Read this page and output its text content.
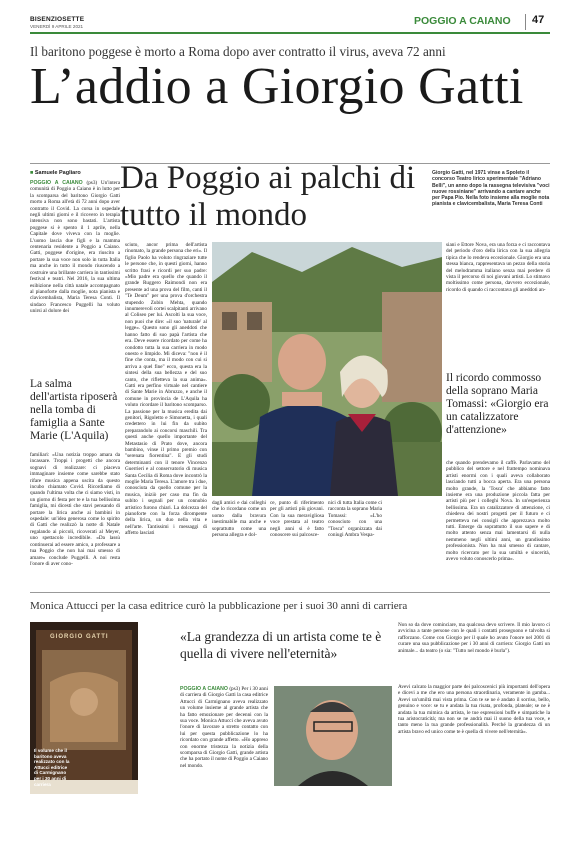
BISENZIOSETTE
VENERDÌ 9 APRILE 2021	POGGIO A CAIANO 47
Il baritono poggese è morto a Roma dopo aver contratto il virus, aveva 72 anni
L’addio a Giorgio Gatti
■ Samuele Pagliaro Da Poggio ai palchi di tutto il mondo
Giorgio Gatti, nel 1971 vinse a Spoleto il concorso Teatro lirico sperimentale "Adriano Belli", un anno dopo la rassegna televisiva "voci nuove rossiniane" arrivando a cantare anche per Papa Pio. Nella foto insieme alla moglie nota pianista e clavicembalista, Maria Teresa Conti
POGGIO A CAIANO (ps3) Un'intera comunità di Poggio a Caiano è in lutto per la scomparsa del baritono Giorgio Gatti morto a Roma all'età di 72 anni dopo aver contratto il Covid. La corsa in ospedale negli ultimi giorni e il ricovero in terapia intensiva non sono bastati. L'artista poggese si è spento il 1 aprile, nella Capitale dove viveva con la moglie. L'uomo lascia due figli e la mamma centenaria residente a Poggio a Caiano. Gatti, poggese d'origine, era riuscito a portare la sua voce non solo in tutta Italia ma anche in tutto il mondo riuscendo a costruire una brillante carriera in tantissimi festival e teatri. Nel 2016, la sua ultima esibizione nella città natale accompagnato al pianoforte dalla moglie, nota pianista e clavicembalista, Maria Teresa Conti. Il sindaco Francesco Puggelli ha voluto unirsi al dolore dei
La salma dell'artista riposerà nella tomba di famiglia a Sante Marie (L'Aquila)
familiari: «Una notizia troppo amara da incassare. Troppi i progetti che ancora sognavi di realizzare: ci piaceva immaginare insieme come sarebbe stato rifare musica appena uscita da questo incubo chiamato Covid. Ricordiamo di quando l'ultima volta che ci siamo visti, in un giorno di festa per te e la tua bellissima famiglia, mi dicesti che stavi pensando di portare la lirica anche ai bambini in ospedale: un'idea generosa come lo spirito di Gatti che realizzò la notte di Natale regalando ai piccoli, ricoverati al Meyer, uno spettacolo incredibile. «Da lassù continuerai ad essere amico, a professare a tua Poggio che non hai mai smesso di amare» conclude Puggelli. A noi resta l'onore di aver cono-
sciuto, ancor prima dell'artista rinomato, la grande persona che eri». Il figlio Paolo ha voluto ringraziare tutte le persone che, in questi giorni, hanno scritto frasi e ricordi per suo padre: «Mio padre era quello che quando il grande Ruggero Raimondi non era presente ad una prova del film, canti il "Te Deum" per una prova d'orchestra stupendo Zubin Mehta, quando innumerevoli cortei scalpitanti arrivano al Coliseo per lui. Ascolti la sua voce, non puoi che dire: «il suo 'naturale' al legge». Questo sono gli aneddoti che hanno fatto di suo papà l'artista che era. Deve essere ricordato per come ha condotto tutta la sua carriera in modo onesto e limpido. Mi diceva: "non è il fine che conta, ma il modo con cui si arriva a quel fine" ecco, questa era la sintesi della sua bellezza e del suo canto, che rifletteva la sua anima». Gatti era perfino virtuale nel cantiere di Sante Marie in Abruzzo, e anche il comune in provincia de L'Aquila ha voluto ricordare il baritono scomparso. La passione per la musica eredita dai genitori, Rigoletto e Simonetta, i quali credettero in lui fin da subito preparandolo ai concorsi maschili. Tra questi anche quello importante del Metastasio di Prato dove, ancora bambino, vinse il primo premio con "serenata fiorentina". E gli studi determinanti con il tenore Vincenzo Guerrieri e al conservatorio di musica Santa Cecilia di Roma dove incontrò la moglie Maria Teresa. L'amore tra i due, conosciuta da quello comune per la musica, iniziò per caso ma fin da subito i segnali per un connubio artistico furono chiari. La dolcezza del pianoforte con la forza dirompente della lirica, un duo nella vita e nell'arte. Tantissimi i messaggi di affetto lasciati
dagli amici e dai colleghi che lo ricordano come un uomo dalla bravura inestimabile ma anche e soprattutto come una persona allegra e dol-
ce, punto di riferimento per gli artisti più giovani. Con la sua meravigliosa voce prestata al teatro negli anni si è fatto conoscere sui palcosce-
nici di tutta Italia come ci racconta la soprano Maria Tomassi: «L'ho conosciuto con una "Tosca" organizzata dai coniugi Ambra Vespa-
siani e Ettore Nova, era una forza e ci raccontava del periodo d'oro della lirica con la sua allegria tipica che lo rendeva eccezionale. Giorgio era una stessa bianca, rappresentava un pezzo della storia del melodramma italiano senza mai perdere di vista il percorso di noi giovani artisti. Lo stimavo moltissimo come persona, davvero eccezionale, ricordo di quando ci raccontava gli aneddoti an-
Il ricordo commosso della soprano Maria Tomassi: «Giorgio era un catalizzatore d'attenzione»
che quando prendevamo il caffè. Parlavamo del pubblico del settore e nel frattempo nominava artisti enormi con i quali aveva collaborato lasciando tutti a bocca aperta. Era una persona molto grande, la 'Tosca' che abbiamo fatto insieme era una produzione piccola fatta per artisti più per i colleghi Nova. In un'esperienza bellissima. Era un catalizzatore di attenzione, ci chiedeva dei nostri progetti per il futuro e ci permetteva nei consigli che apprezzava molto tutti. Emerge da soprattutto il suo sapere e di molto attento senza mai lamentarsi di nulla nemmeno negli ultimi anni, un grandissimo professionista. Non ha mai smesso di cantare, molto ricercato per la sua umiltà e sincerità, avevo voluto conoscerlo prima».
Monica Attucci per la casa editrice curò la pubblicazione per i suoi 30 anni di carriera
GIORGIO GATTI
Il volume che il baritono aveva realizzato con la Attucci editrice di Carmignano per i 30 anni di carriera
«La grandezza di un artista come te è quella di vivere nell'eternità»
POGGIO A CAIANO (ps3) Per i 30 anni di carriera di Giorgio Gatti la casa editrice Attucci di Carmignano aveva realizzato un volume insieme al grande artista che ha fatto emozionare per decenni con la sua voce. Monica Attucci che aveva avuto l'onore di lavorare a stretto contatto con lui per questa pubblicazione lo ha ricordato con grande affetto. «Ho appreso con enorme tristezza la notizia della scomparsa di Giorgio Gatti, grande artista che ha portato il nome di Poggio a Caiano nel mondo.
Non so da dove cominciare, ma qualcosa devo scrivere. Il mio lavoro ci avvicina a tante persone con le quali i contatti proseguono e talvolta si rafforzano. Come con Giorgio per il quale ho avuto l'onore nel 2001 di curare una sua pubblicazione per i 30 anni di carriera: Giorgio Gatti un animale... da teatro (o sia: "Tutto nel mondo è burla").
Avevi calcato la maggior parte dei palcoscenici più importanti dell'opera e dicevi a me che ero una persona straordinaria, veramente in gamba... Avevi un'umiltà mai vista prima. Con te se ne è andato il sorriso, bello, genuino e voce: se tu e andata la tua risata, profonda, plateale; se ne è andata la tua mimica da artista, le tue espressioni buffe e simpatiche la tua aristocraticità; ma non se ne andrà mai il suono della tua voce, e tanto meno la tua grande professionalità. Perché la grandezza di un artista bravo ed unico come te è quella di vivere nell'eternità».
